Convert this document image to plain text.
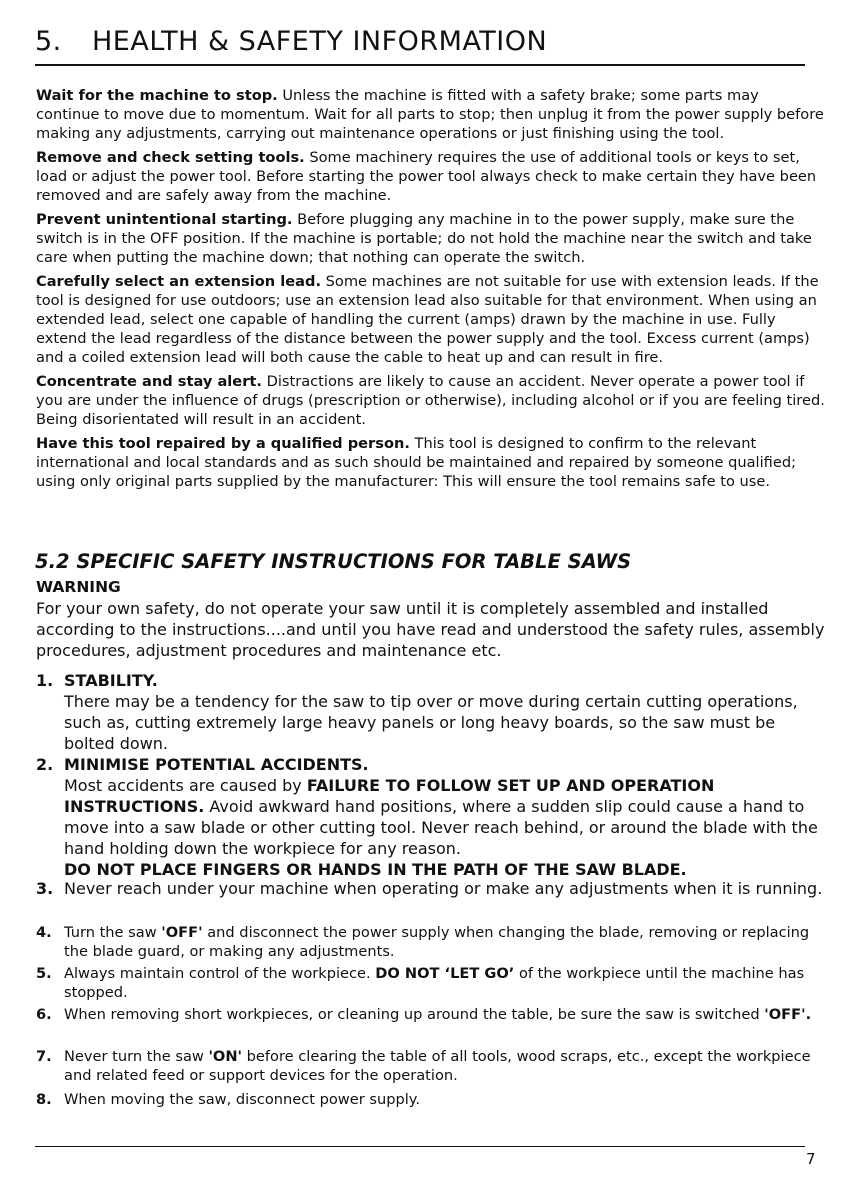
5. HEALTH & SAFETY INFORMATION

Wait for the machine to stop. Unless the machine is fitted with a safety brake; some parts may continue to move due to momentum. Wait for all parts to stop; then unplug it from the power supply before making any adjustments, carrying out maintenance operations or just finishing using the tool.

Remove and check setting tools. Some machinery requires the use of additional tools or keys to set, load or adjust the power tool. Before starting the power tool always check to make certain they have been removed and are safely away from the machine.

Prevent unintentional starting. Before plugging any machine in to the power supply, make sure the switch is in the OFF position. If the machine is portable; do not hold the machine near the switch and take care when putting the machine down; that nothing can operate the switch.

Carefully select an extension lead. Some machines are not suitable for use with extension leads. If the tool is designed for use outdoors; use an extension lead also suitable for that environment. When using an extended lead, select one capable of handling the current (amps) drawn by the machine in use. Fully extend the lead regardless of the distance between the power supply and the tool. Excess current (amps) and a coiled extension lead will both cause the cable to heat up and can result in fire.

Concentrate and stay alert. Distractions are likely to cause an accident. Never operate a power tool if you are under the influence of drugs (prescription or otherwise), including alcohol or if you are feeling tired. Being disorientated will result in an accident.

Have this tool repaired by a qualified person. This tool is designed to confirm to the relevant international and local standards and as such should be maintained and repaired by someone qualified; using only original parts supplied by the manufacturer: This will ensure the tool remains safe to use.

5.2 SPECIFIC SAFETY INSTRUCTIONS FOR TABLE SAWS
WARNING
For your own safety, do not operate your saw until it is completely assembled and installed according to the instructions....and until you have read and understood the safety rules, assembly procedures, adjustment procedures and maintenance etc.
1. STABILITY.
There may be a tendency for the saw to tip over or move during certain cutting operations, such as, cutting extremely large heavy panels or long heavy boards, so the saw must be bolted down.
2. MINIMISE POTENTIAL ACCIDENTS.
Most accidents are caused by FAILURE TO FOLLOW SET UP AND OPERATION INSTRUCTIONS. Avoid awkward hand positions, where a sudden slip could cause a hand to move into a saw blade or other cutting tool. Never reach behind, or around the blade with the hand holding down the workpiece for any reason.
DO NOT PLACE FINGERS OR HANDS IN THE PATH OF THE SAW BLADE.
3. Never reach under your machine when operating or make any adjustments when it is running.
4. Turn the saw 'OFF' and disconnect the power supply when changing the blade, removing or replacing the blade guard, or making any adjustments.
5. Always maintain control of the workpiece. DO NOT ‘LET GO’ of the workpiece until the machine has stopped.
6. When removing short workpieces, or cleaning up around the table, be sure the saw is switched 'OFF'.
7. Never turn the saw 'ON' before clearing the table of all tools, wood scraps, etc., except the workpiece and related feed or support devices for the operation.
8. When moving the saw, disconnect power supply.
7
